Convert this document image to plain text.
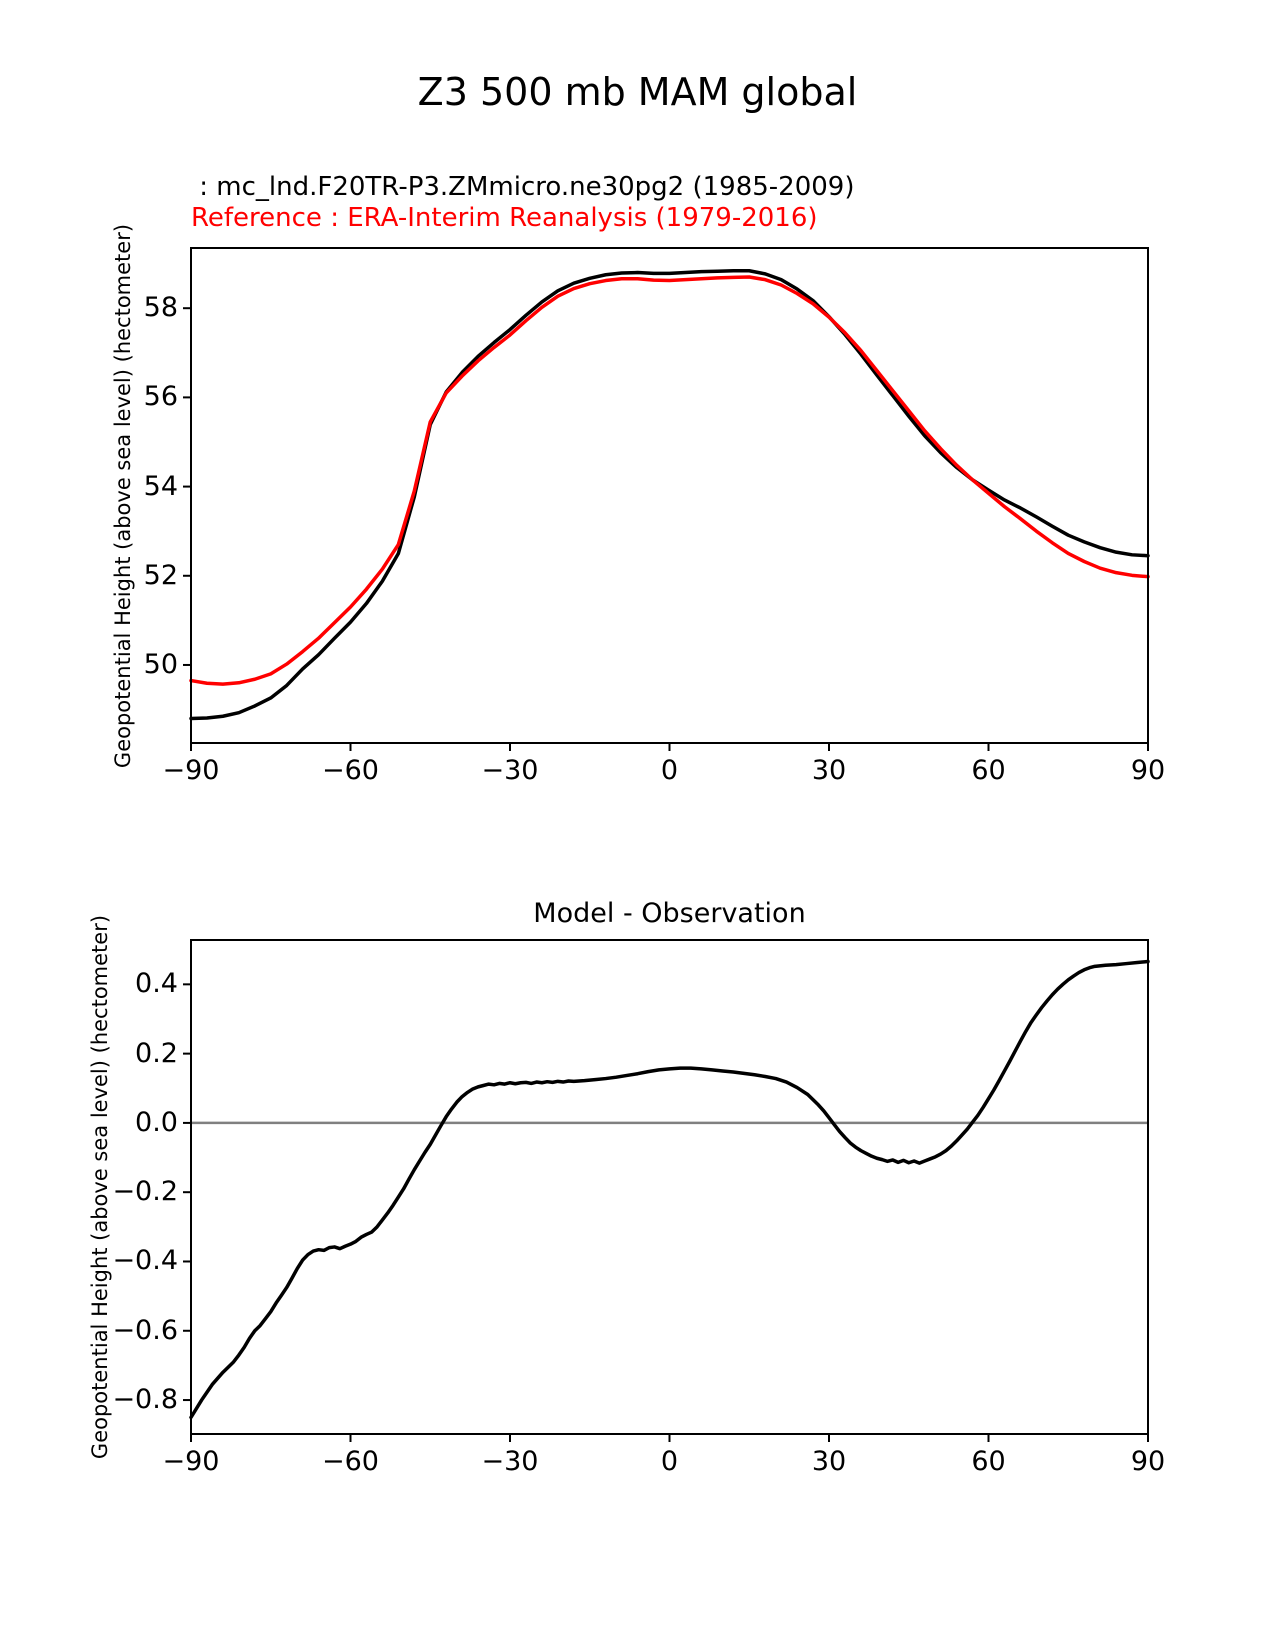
Z3 500 mb MAM global
: mc_lnd.F20TR-P3.ZMmicro.ne30pg2 (1985-2009)
Reference : ERA-Interim Reanalysis (1979-2016)
Geopotential Height (above sea level) (hectometer)
Geopotential Height (above sea level) (hectometer)
Model - Observation
−90	−60	−30	0	30	60	90
50
52
54
56
58
−90	−60	−30	0	30	60	90
0.4
0.2
0.0
−0.2
−0.4
−0.6
−0.8
